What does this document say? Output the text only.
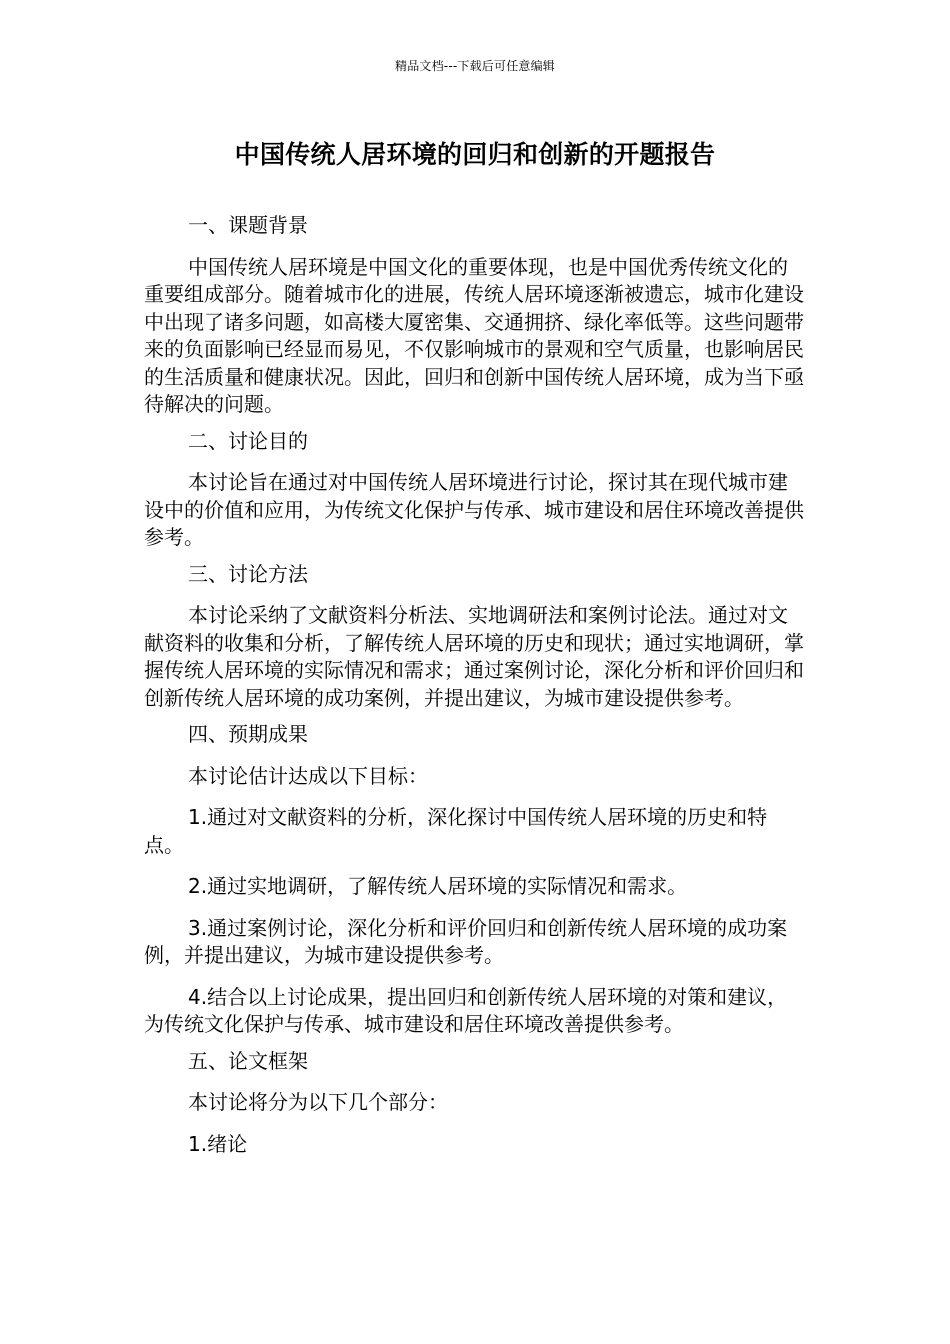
精品文档---下载后可任意编辑
中国传统人居环境的回归和创新的开题报告

一、课题背景

中国传统人居环境是中国文化的重要体现，也是中国优秀传统文化的重要组成部分。随着城市化的进展，传统人居环境逐渐被遗忘，城市化建设中出现了诸多问题，如高楼大厦密集、交通拥挤、绿化率低等。这些问题带来的负面影响已经显而易见，不仅影响城市的景观和空气质量，也影响居民的生活质量和健康状况。因此，回归和创新中国传统人居环境，成为当下亟待解决的问题。

二、讨论目的

本讨论旨在通过对中国传统人居环境进行讨论，探讨其在现代城市建设中的价值和应用，为传统文化保护与传承、城市建设和居住环境改善提供参考。

三、讨论方法

本讨论采纳了文献资料分析法、实地调研法和案例讨论法。通过对文献资料的收集和分析，了解传统人居环境的历史和现状；通过实地调研，掌握传统人居环境的实际情况和需求；通过案例讨论，深化分析和评价回归和创新传统人居环境的成功案例，并提出建议，为城市建设提供参考。

四、预期成果

本讨论估计达成以下目标：

1.通过对文献资料的分析，深化探讨中国传统人居环境的历史和特点。

2.通过实地调研，了解传统人居环境的实际情况和需求。

3.通过案例讨论，深化分析和评价回归和创新传统人居环境的成功案例，并提出建议，为城市建设提供参考。

4.结合以上讨论成果，提出回归和创新传统人居环境的对策和建议，为传统文化保护与传承、城市建设和居住环境改善提供参考。

五、论文框架

本讨论将分为以下几个部分：

1.绪论
